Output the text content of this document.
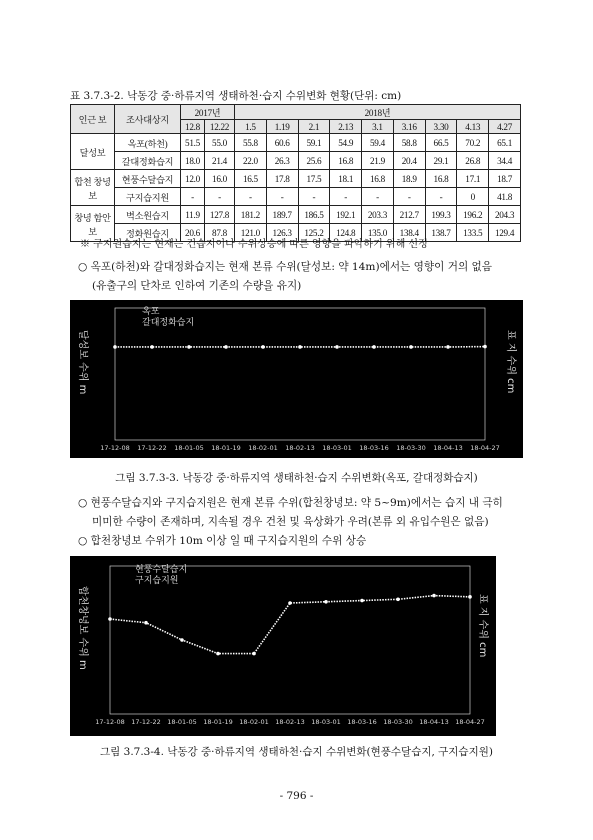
표 3.7.3-2. 낙동강 중·하류지역 생태하천·습지 수위변화 현황(단위: cm)
인근 보	조사대상지	2017년		2018년								
		12.8	12.22	1.5	1.19	2.1	2.13	3.1	3.16	3.30	4.13	4.27
달성보	옥포(하천)	51.5	55.0	55.8	60.6	59.1	54.9	59.4	58.8	66.5	70.2	65.1
	갈대정화습지	18.0	21.4	22.0	26.3	25.6	16.8	21.9	20.4	29.1	26.8	34.4
합천 창녕보	현풍수달습지	12.0	16.0	16.5	17.8	17.5	18.1	16.8	18.9	16.8	17.1	18.7
	구지습지원	-	-	-	-	-	-	-	-	-	0	41.8
창녕 함안보	벽소원습지	11.9	127.8	181.2	189.7	186.5	192.1	203.3	212.7	199.3	196.2	204.3
	정화원습지	20.6	87.8	121.0	126.3	125.2	124.8	135.0	138.4	138.7	133.5	129.4
※ 구지원습지는 현재는 건습지이나 수위상승에 따른 영향을 파악하기 위해 선정
○ 옥포(하천)와 갈대정화습지는 현재 본류 수위(달성보: 약 14m)에서는 영향이 거의 없음
(유출구의 단차로 인하여 기존의 수량을 유지)
옥포
갈대정화습지
달성보 수위 m	표 지 수위 cm
17-12-08 17-12-22 18-01-05 18-01-19 18-02-01 18-02-13 18-03-01 18-03-16 18-03-30 18-04-13 18-04-27
그림 3.7.3-3. 낙동강 중·하류지역 생태하천·습지 수위변화(옥포, 갈대정화습지)
○ 현풍수달습지와 구지습지원은 현재 본류 수위(합천창녕보: 약 5~9m)에서는 습지 내 극히
미미한 수량이 존재하며, 지속될 경우 건천 및 육상화가 우려(본류 외 유입수원은 없음)
○ 합천창녕보 수위가 10m 이상 일 때 구지습지원의 수위 상승
현풍수달습지
구지습지원
합천창녕보 수위 m	표 지 수위 cm
17-12-08 17-12-22 18-01-05 18-01-19 18-02-01 18-02-13 18-03-01 18-03-16 18-03-30 18-04-13 18-04-27
그림 3.7.3-4. 낙동강 중·하류지역 생태하천·습지 수위변화(현풍수달습지, 구지습지원)
- 796 -
